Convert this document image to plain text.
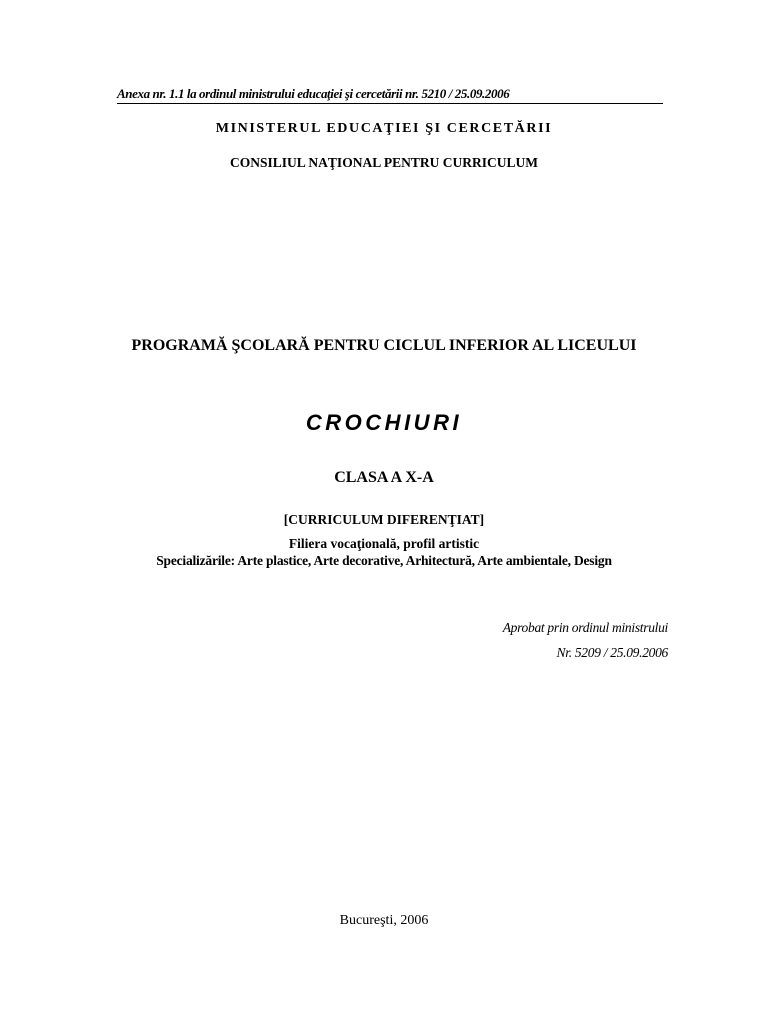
Anexa nr. 1.1 la ordinul ministrului educaţiei şi cercetării nr. 5210 / 25.09.2006
MINISTERUL EDUCAŢIEI ŞI CERCETĂRII
CONSILIUL NAŢIONAL PENTRU CURRICULUM
PROGRAMĂ ŞCOLARĂ PENTRU CICLUL INFERIOR AL LICEULUI
CROCHIURI
CLASA A X-A
[CURRICULUM DIFERENŢIAT]
Filiera vocaţională, profil artistic
Specializările: Arte plastice, Arte decorative, Arhitectură, Arte ambientale, Design
Aprobat prin ordinul ministrului
Nr. 5209 / 25.09.2006
Bucureşti, 2006
